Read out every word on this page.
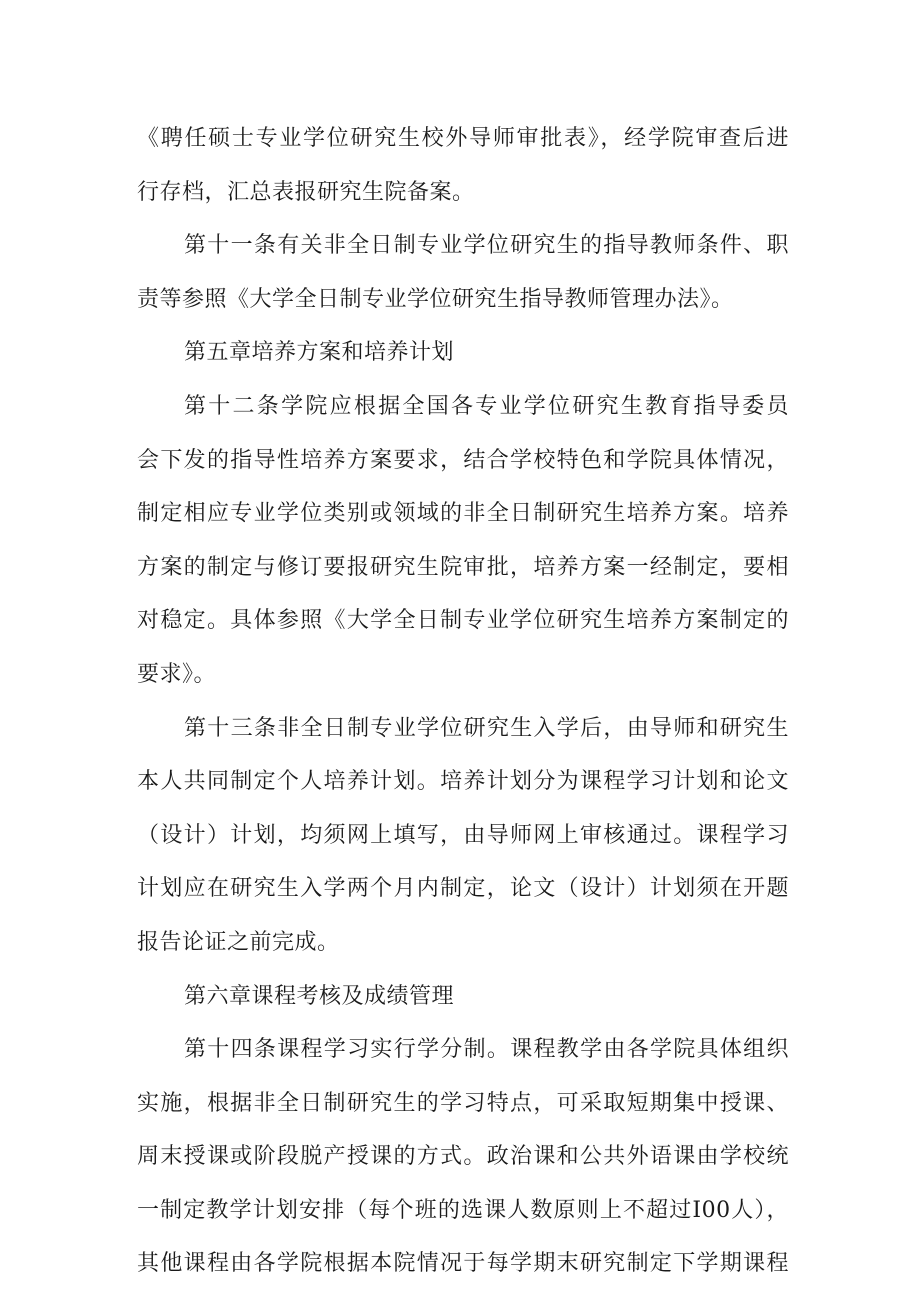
《聘任硕士专业学位研究生校外导师审批表》，经学院审查后进
行存档，汇总表报研究生院备案。
第十一条有关非全日制专业学位研究生的指导教师条件、职
责等参照《大学全日制专业学位研究生指导教师管理办法》。
第五章培养方案和培养计划
第十二条学院应根据全国各专业学位研究生教育指导委员
会下发的指导性培养方案要求，结合学校特色和学院具体情况，
制定相应专业学位类别或领域的非全日制研究生培养方案。培养
方案的制定与修订要报研究生院审批，培养方案一经制定，要相
对稳定。具体参照《大学全日制专业学位研究生培养方案制定的
要求》。
第十三条非全日制专业学位研究生入学后，由导师和研究生
本人共同制定个人培养计划。培养计划分为课程学习计划和论文
（设计）计划，均须网上填写，由导师网上审核通过。课程学习
计划应在研究生入学两个月内制定，论文（设计）计划须在开题
报告论证之前完成。
第六章课程考核及成绩管理
第十四条课程学习实行学分制。课程教学由各学院具体组织
实施，根据非全日制研究生的学习特点，可采取短期集中授课、
周末授课或阶段脱产授课的方式。政治课和公共外语课由学校统
一制定教学计划安排（每个班的选课人数原则上不超过I00人），
其他课程由各学院根据本院情况于每学期末研究制定下学期课程
